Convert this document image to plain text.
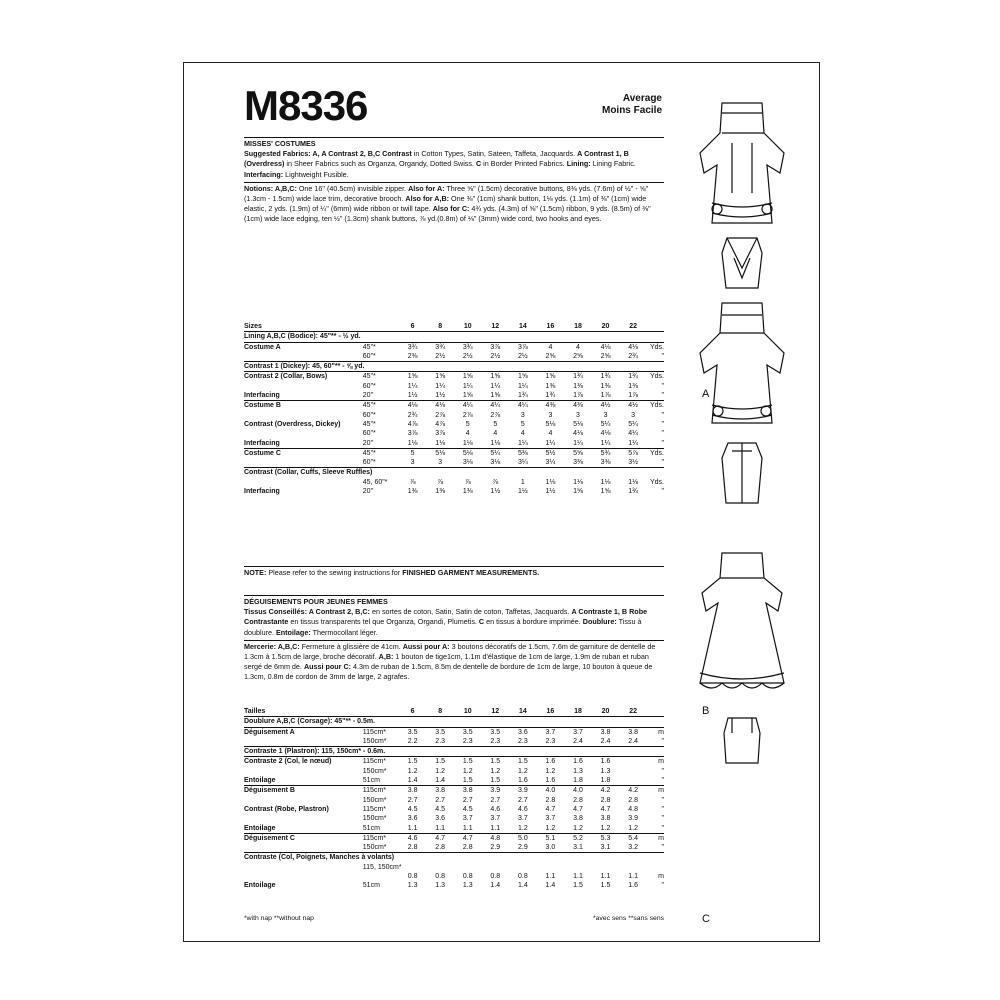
M8336	Average
Moins Facile
MISSES' COSTUMES
Suggested Fabrics: A, A Contrast 2, B,C Contrast in Cotton Types, Satin, Sateen, Taffeta, Jacquards. A Contrast 1, B (Overdress) in Sheer Fabrics such as Organza, Organdy, Dotted Swiss. C in Border Printed Fabrics. Lining: Lining Fabric.
Interfacing: Lightweight Fusible.
Notions: A,B,C: One 16" (40.5cm) invisible zipper. Also for A: Three ⅝" (1.5cm) decorative buttons, 8⅜ yds. (7.6m) of ½" - ⅝" (1.3cm - 1.5cm) wide lace trim, decorative brooch. Also for A,B: One ⅜" (1cm) shank button, 1⅛ yds. (1.1m) of ⅜" (1cm) wide elastic, 2 yds. (1.9m) of ¼" (6mm) wide ribbon or twill tape. Also for C: 4¾ yds. (4.3m) of ⅝" (1.5cm) ribbon, 9 yds. (8.5m) of ⅜" (1cm) wide lace edging, ten ½" (1.3cm) shank buttons, ⅞ yd.(0.8m) of ⅛" (3mm) wide cord, two hooks and eyes.
Sizes		6	8	10	12	14	16	18	20	22	
Lining A,B,C (Bodice): 45"** - ½ yd.											
Costume A	45"*	3¾	3¾	3¾	3⅞	3⅞	4	4	4⅛	4⅛	Yds.
	60"*	2⅜	2½	2½	2½	2½	2⅝	2⅝	2⅝	2¾	"
Contrast 1 (Dickey): 45, 60"** - ⅝ yd.											
Contrast 2 (Collar, Bows)	45"*	1⅝	1⅝	1⅝	1⅝	1⅝	1⅝	1¾	1¾	1¾	Yds.
	60"*	1¼	1¼	1¼	1¼	1¼	1⅜	1⅜	1⅜	1⅜	"
Interfacing	20"	1½	1½	1⅝	1⅝	1¾	1¾	1⅞	1⅞	1⅞	"
Costume B	45"*	4⅛	4⅛	4¼	4¼	4¼	4⅜	4⅜	4½	4½	Yds.
	60"*	2¾	2⅞	2⅞	2⅞	3	3	3	3	3	"
Contrast (Overdress, Dickey)	45"*	4⅞	4⅞	5	5	5	5⅛	5⅛	5¼	5¼	"
	60"*	3⅞	3⅞	4	4	4	4	4⅛	4⅛	4¼	"
Interfacing	20"	1⅛	1⅛	1⅛	1⅛	1¼	1¼	1¼	1¼	1¼	"
Costume C	45"*	5	5⅛	5⅛	5¼	5⅜	5½	5⅝	5¾	5⅞	Yds.
	60"*	3	3	3⅛	3⅛	3¼	3¼	3⅜	3⅜	3½	"
Contrast (Collar, Cuffs, Sleeve Ruffles)											
	45, 60"*	⅞	⅞	⅞	⅞	1	1⅛	1⅛	1⅛	1⅛	Yds.
Interfacing	20"	1⅜	1⅜	1⅜	1½	1½	1½	1⅝	1⅝	1¾	"
NOTE: Please refer to the sewing instructions for FINISHED GARMENT MEASUREMENTS.
DÉGUISEMENTS POUR JEUNES FEMMES
Tissus Conseillés: A Contrast 2, B,C: en sortes de coton, Satin, Satin de coton, Taffetas, Jacquards. A Contraste 1, B Robe Contrastante en tissus transparents tel que Organza, Organdi, Plumetis. C en tissus à bordure imprimée. Doublure: Tissu à doublure. Entoilage: Thermocollant léger.
Mercerie: A,B,C: Fermeture à glissière de 41cm. Aussi pour A: 3 boutons décoratifs de 1.5cm, 7.6m de garniture de dentelle de 1.3cm à 1.5cm de large, broche décoratif. A,B: 1 bouton de tige1cm, 1.1m d'élastique de 1cm de large, 1.9m de ruban et ruban sergé de 6mm de. Aussi pour C: 4.3m de ruban de 1.5cm, 8.5m de dentelle de bordure de 1cm de large, 10 bouton à queue de 1.3cm, 0.8m de cordon de 3mm de large, 2 agrafes.
Tailles		6	8	10	12	14	16	18	20	22	
Doublure A,B,C (Corsage): 45"** - 0.5m.											
Déguisement A	115cm*	3.5	3.5	3.5	3.5	3.6	3.7	3.7	3.8	3.8	m
	150cm*	2.2	2.3	2.3	2.3	2.3	2.3	2.4	2.4	2.4	"
Contraste 1 (Plastron): 115, 150cm* - 0.6m.											
Contraste 2 (Col, le nœud)	115cm*	1.5	1.5	1.5	1.5	1.5	1.6	1.6	1.6		m
	150cm*	1.2	1.2	1.2	1.2	1.2	1.2	1.3	1.3		"
Entoilage	51cm	1.4	1.4	1.5	1.5	1.6	1.6	1.8	1.8		"
Déguisement B	115cm*	3.8	3.8	3.8	3.9	3.9	4.0	4.0	4.2	4.2	m
	150cm*	2.7	2.7	2.7	2.7	2.7	2.8	2.8	2.8	2.8	"
Contrast (Robe, Plastron)	115cm*	4.5	4.5	4.5	4.6	4.6	4.7	4.7	4.7	4.8	"
	150cm*	3.6	3.6	3.7	3.7	3.7	3.7	3.8	3.8	3.9	"
Entoilage	51cm	1.1	1.1	1.1	1.1	1.2	1.2	1.2	1.2	1.2	"
Déguisement C	115cm*	4.6	4.7	4.7	4.8	5.0	5.1	5.2	5.3	5.4	m
	150cm*	2.8	2.8	2.8	2.9	2.9	3.0	3.1	3.1	3.2	"
Contraste (Col, Poignets, Manches à volants)											
	115, 150cm*										
		0.8	0.8	0.8	0.8	0.8	1.1	1.1	1.1	1.1	m
Entoilage	51cm	1.3	1.3	1.3	1.4	1.4	1.4	1.5	1.5	1.6	"
*with nap **without nap	*avec sens **sans sens
A
B
C
